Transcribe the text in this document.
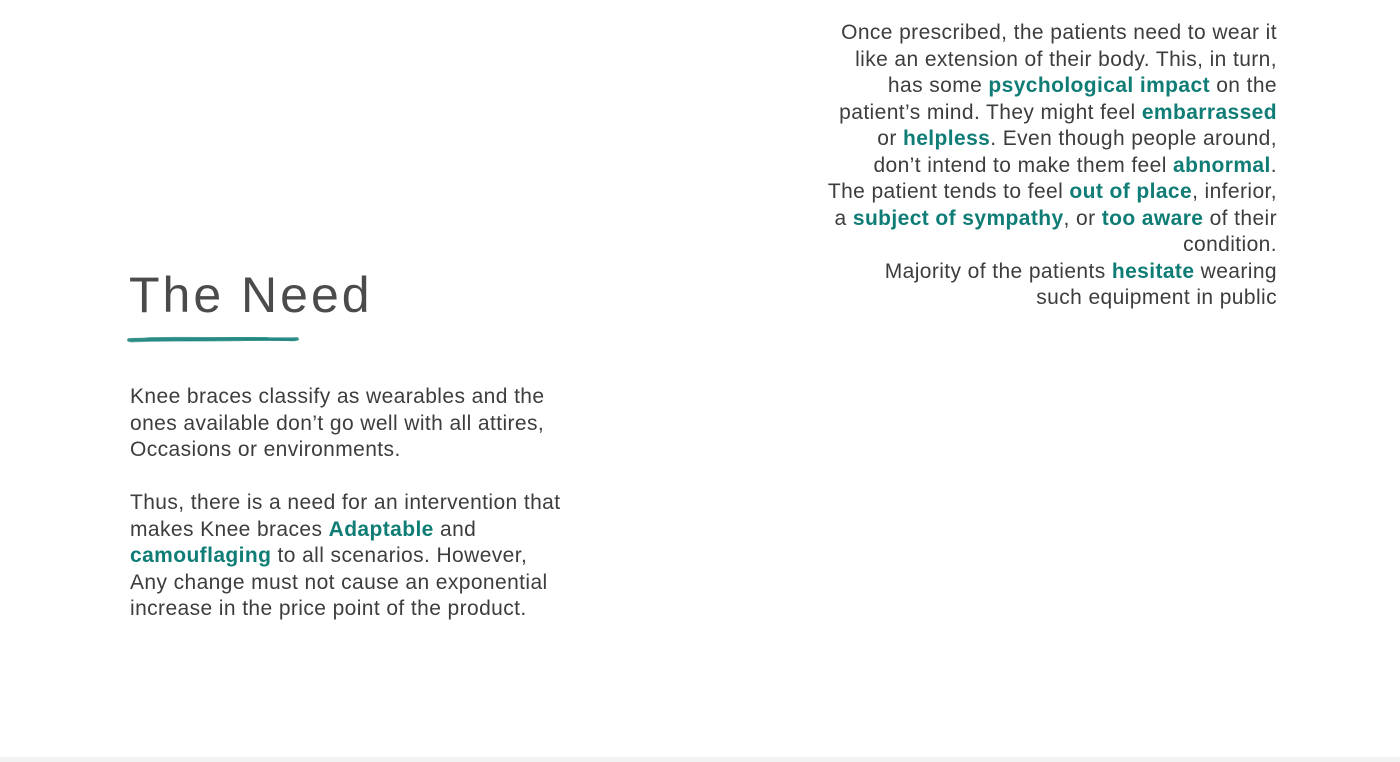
The Need
Knee braces classify as wearables and the
ones available don’t go well with all attires,
Occasions or environments.
Thus, there is a need for an intervention that
makes Knee braces Adaptable and
camouflaging to all scenarios. However,
Any change must not cause an exponential
increase in the price point of the product.
Once prescribed, the patients need to wear it
like an extension of their body. This, in turn,
has some psychological impact on the
patient’s mind. They might feel embarrassed
or helpless. Even though people around,
don’t intend to make them feel abnormal.
The patient tends to feel out of place, inferior,
a subject of sympathy, or too aware of their
condition.
Majority of the patients hesitate wearing
such equipment in public
